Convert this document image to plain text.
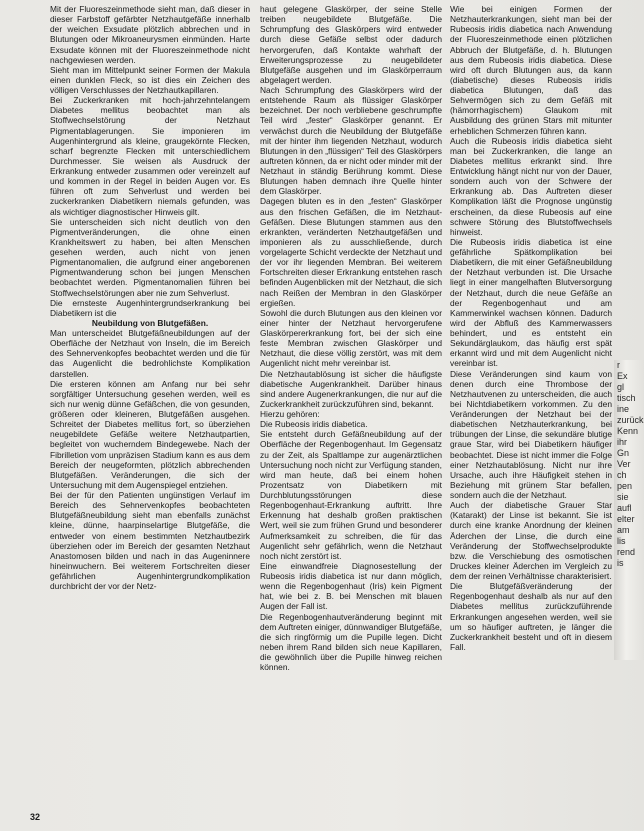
Mit der Fluoreszeinmethode sieht man, daß dieser in dieser Farbstoff gefärbter Netzhautgefäße innerhalb der weichen Exsudate plötzlich abbrechen und in Blutungen oder Mikroaneurysmen einmünden. Harte Exsudate können mit der Fluoreszeinmethode nicht nachgewiesen werden.

Sieht man im Mittelpunkt seiner Formen der Makula einen dunklen Fleck, so ist dies ein Zeichen des völligen Verschlusses der Netzhautkapillaren.

Bei Zuckerkranken mit hoch-jahrzehntelangem Diabetes mellitus beobachtet man als Stoffwechselstörung der Netzhaut Pigmentablagerungen. Sie imponieren im Augenhintergrund als kleine, graugekörnte Flecken, scharf begrenzte Flecken mit unterschiedlichem Durchmesser. Sie weisen als Ausdruck der Erkrankung entweder zusammen oder vereinzelt auf und kommen in der Regel in beiden Augen vor. Es führen oft zum Sehverlust und werden bei zuckerkranken Diabetikern niemals gefunden, was als wichtiger diagnostischer Hinweis gilt.

Sie unterscheiden sich nicht deutlich von den Pigmentveränderungen, die ohne einen Krankheitswert zu haben, bei alten Menschen gesehen werden, auch nicht von jenen Pigmentanomalien, die aufgrund einer angeborenen Pigmentwanderung schon bei jungen Menschen beobachtet werden. Pigmentanomalien führen bei Stoffwechselstörungen aber nie zum Sehverlust.

Die ernsteste Augenhintergrundserkrankung bei Diabetikern ist die

Neubildung von Blutgefäßen.

Man unterscheidet Blutgefäßneubildungen auf der Oberfläche der Netzhaut von Inseln, die im Bereich des Sehnervenkopfes beobachtet werden und die für das Augenlicht die bedrohlichste Komplikation darstellen.

Die ersteren können am Anfang nur bei sehr sorgfältiger Untersuchung gesehen werden, weil es sich nur wenig dünne Gefäßchen, die von gesunden, größeren oder kleineren, Blutgefäßen ausgehen. Schreitet der Diabetes mellitus fort, so überziehen neugebildete Gefäße weitere Netzhautpartien, begleitet von wucherndem Bindegewebe. Nach der Fibrilletion vom unpräzisen Stadium kann es aus dem Bereich der neugeformten, plötzlich abbrechenden Blutgefäßen. Veränderungen, die sich der Untersuchung mit dem Augenspiegel entziehen.

Bei der für den Patienten ungünstigen Verlauf im Bereich des Sehnervenkopfes beobachteten Blutgefäßneubildung sieht man ebenfalls zunächst kleine, dünne, haarpinselartige Blutgefäße, die entweder von einem bestimmten Netzhautbezirk überziehen oder im Bereich der gesamten Netzhaut Anastomosen bilden und nach in das Augeninnere hineinwuchern. Bei weiterem Fortschreiten dieser gefährlichen Augenhintergrundkomplikation durchbricht der vor der Netz-

haut gelegene Glaskörper, der seine Stelle treiben neugebildete Blutgefäße. Die Schrumpfung des Glaskörpers wird entweder durch diese Gefäße selbst oder dadurch hervorgerufen, daß Kontakte wahrhaft der Erweiterungsprozesse zu neugebildeter Blutgefäße ausgehen und im Glaskörperraum abgelagert werden.

Nach Schrumpfung des Glaskörpers wird der entstehende Raum als flüssiger Glaskörper bezeichnet. Der noch verbliebene geschrumpfte Teil wird „fester“ Glaskörper genannt. Er verwächst durch die Neubildung der Blutgefäße mit der hinter ihm liegenden Netzhaut, wodurch Blutungen in den „flüssigen“ Teil des Glaskörpers auftreten können, da er nicht oder minder mit der Netzhaut in ständig Berührung kommt. Diese Blutungen haben demnach ihre Quelle hinter dem Glaskörper.

Dagegen bluten es in den „festen“ Glaskörper aus den frischen Gefäßen, die im Netzhaut-Gefäßen. Diese Blutungen stammen aus den erkrankten, veränderten Netzhautgefäßen und imponieren als zu ausschließende, durch vorgelagerte Schicht verdeckte der Netzhaut und der vor ihr liegenden Membran. Bei weiterem Fortschreiten dieser Erkrankung entstehen rasch befinden Augenblicken mit der Netzhaut, die sich nach Reißen der Membran in den Glaskörper ergießen.

Sowohl die durch Blutungen aus den kleinen vor einer hinter der Netzhaut hervorgerufene Glaskörpererkrankung fort, bei der sich eine feste Membran zwischen Glaskörper und Netzhaut, die diese völlig zerstört, was mit dem Augenlicht nicht mehr vereinbar ist.

Die Netzhautablösung ist sicher die häufigste diabetische Augenkrankheit. Darüber hinaus sind andere Augenerkrankungen, die nur auf die Zuckerkrankheit zurückzuführen sind, bekannt.

Hierzu gehören:

Die Rubeosis iridis diabetica.

Sie entsteht durch Gefäßneubildung auf der Oberfläche der Regenbogenhaut. Im Gegensatz zu der Zeit, als Spaltlampe zur augenärztlichen Untersuchung noch nicht zur Verfügung standen, wird man heute, daß bei einem hohen Prozentsatz von Diabetikern mit Durchblutungsstörungen diese Regenbogenhaut-Erkrankung auftritt. Ihre Erkennung hat deshalb großen praktischen Wert, weil sie zum frühen Grund und besonderer Aufmerksamkeit zu schreiben, die für das Augenlicht sehr gefährlich, wenn die Netzhaut noch nicht zerstört ist.

Eine einwandfreie Diagnosestellung der Rubeosis iridis diabetica ist nur dann möglich, wenn die Regenbogenhaut (Iris) kein Pigment hat, wie bei z. B. bei Menschen mit blauen Augen der Fall ist.

Die Regenbogenhautveränderung beginnt mit dem Auftreten einiger, dünnwandiger Blutgefäße, die sich ringförmig um die Pupille legen. Dicht neben ihrem Rand bilden sich neue Kapillaren, die gewöhnlich über die Pupille hinweg reichen können.

Wie bei einigen Formen der Netzhauterkrankungen, sieht man bei der Rubeosis iridis diabetica nach Anwendung der Fluoreszeinmethode einen plötzlichen Abbruch der Blutgefäße, d. h. Blutungen aus dem Rubeosis iridis diabetica. Diese wird oft durch Blutungen aus, da kann (diabetische) dieses Rubeosis iridis diabetica Blutungen, daß das Sehvermögen sich zu dem Gefäß mit (hämorrhagischem) Glaukom mit Ausbildung des grünen Stars mit mitunter erheblichen Schmerzen führen kann.

Auch die Rubeosis iridis diabetica sieht man bei Zuckerkranken, die lange an Diabetes mellitus erkrankt sind. Ihre Entwicklung hängt nicht nur von der Dauer, sondern auch von der Schwere der Erkrankung ab. Das Auftreten dieser Komplikation läßt die Prognose ungünstig erscheinen, da diese Rubeosis auf eine schwere Störung des Blutstoffwechsels hinweist.

Die Rubeosis iridis diabetica ist eine gefährliche Spätkomplikation bei Diabetikern, die mit einer Gefäßneubildung der Netzhaut verbunden ist. Die Ursache liegt in einer mangelhaften Blutversorgung der Netzhaut, durch die neue Gefäße an der Regenbogenhaut und am Kammerwinkel wachsen können. Dadurch wird der Abfluß des Kammerwassers behindert, und es entsteht ein Sekundärglaukom, das häufig erst spät erkannt wird und mit dem Augenlicht nicht vereinbar ist.

Diese Veränderungen sind kaum von denen durch eine Thrombose der Netzhautvenen zu unterscheiden, die auch bei Nichtdiabetikern vorkommen. Zu den Veränderungen der Netzhaut bei der diabetischen Netzhauterkrankung, bei trübungen der Linse, die sekundäre blutige graue Star, wird bei Diabetikern häufiger beobachtet. Diese ist nicht immer die Folge einer Netzhautablösung. Nicht nur ihre Ursache, auch ihre Häufigkeit stehen in Beziehung mit grünem Star befallen, sondern auch die der Netzhaut.

Auch der diabetische Grauer Star (Katarakt) der Linse ist bekannt. Sie ist durch eine kranke Anordnung der kleinen Äderchen der Linse, die durch eine Veränderung der Stoffwechselprodukte bzw. die Verschiebung des osmotischen Druckes kleiner Äderchen im Vergleich zu dem der reinen Verhältnisse charakterisiert.

Die Blutgefäßveränderung der Regenbogenhaut deshalb als nur auf den Diabetes mellitus zurückzuführende Erkrankungen angesehen werden, weil sie um so häufiger auftreten, je länger die Zuckerkrankheit besteht und oft in diesem Fall.

r
Ex
gl
tisch
ine
zurück
Kenn
ihr
Gn
Ver
ch
pen
sie
aufl
elter
am
lis
rend
is
32
